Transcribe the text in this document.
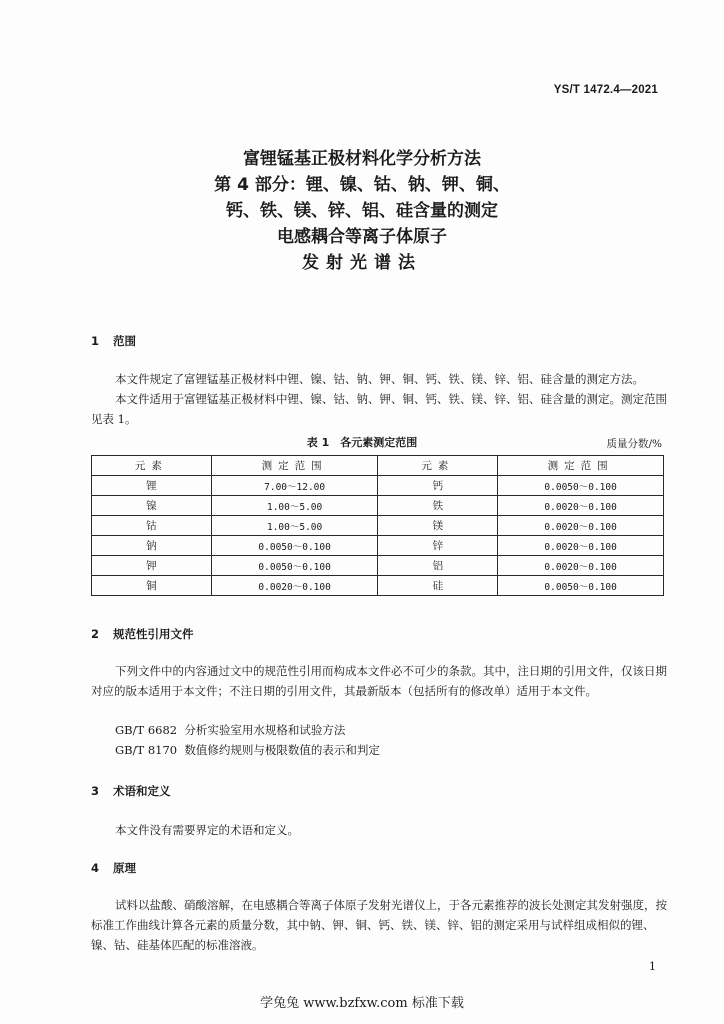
YS/T 1472.4—2021
富锂锰基正极材料化学分析方法
第 4 部分：锂、镍、钴、钠、钾、铜、
钙、铁、镁、锌、铝、硅含量的测定
电感耦合等离子体原子
发射光谱法
1 范围
本文件规定了富锂锰基正极材料中锂、镍、钴、钠、钾、铜、钙、铁、镁、锌、铝、硅含量的测定方法。
本文件适用于富锂锰基正极材料中锂、镍、钴、钠、钾、铜、钙、铁、镁、锌、铝、硅含量的测定。测定范围见表 1。
表 1　各元素测定范围	质量分数/%
元素	测定范围	元素	测定范围
锂	7.00～12.00	钙	0.0050～0.100
镍	1.00～5.00	铁	0.0020～0.100
钴	1.00～5.00	镁	0.0020～0.100
钠	0.0050～0.100	锌	0.0020～0.100
钾	0.0050～0.100	铝	0.0020～0.100
铜	0.0020～0.100	硅	0.0050～0.100
2 规范性引用文件
下列文件中的内容通过文中的规范性引用而构成本文件必不可少的条款。其中，注日期的引用文件，仅该日期对应的版本适用于本文件；不注日期的引用文件，其最新版本（包括所有的修改单）适用于本文件。
GB/T 6682 分析实验室用水规格和试验方法
GB/T 8170 数值修约规则与极限数值的表示和判定
3 术语和定义
本文件没有需要界定的术语和定义。
4 原理
试料以盐酸、硝酸溶解，在电感耦合等离子体原子发射光谱仪上，于各元素推荐的波长处测定其发射强度，按标准工作曲线计算各元素的质量分数，其中钠、钾、铜、钙、铁、镁、锌、铝的测定采用与试样组成相似的锂、镍、钴、硅基体匹配的标准溶液。
1
学兔兔 www.bzfxw.com 标准下载
